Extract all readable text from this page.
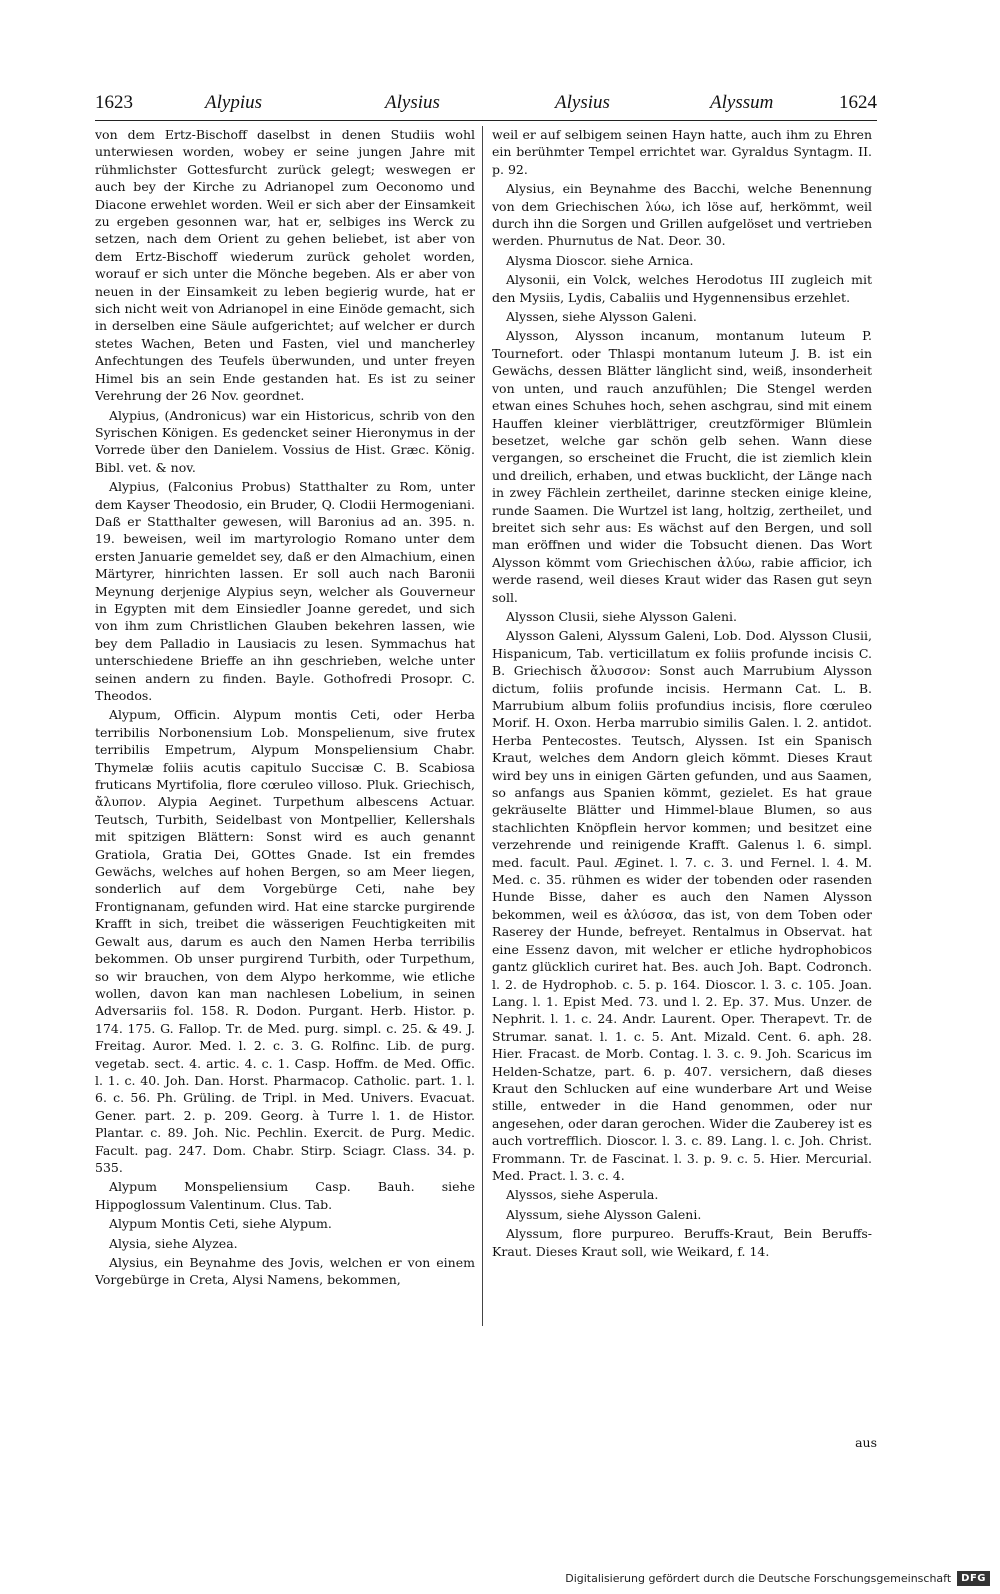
1623	Alypius	Alysius	Alysius	Alyssum	1624

von dem Ertz-Bischoff daselbst in denen Studiis wohl unterwiesen worden, wobey er seine jungen Jahre mit rühmlichster Gottesfurcht zurück gelegt; weswegen er auch bey der Kirche zu Adrianopel zum Oeconomo und Diacone erwehlet worden. Weil er sich aber der Einsamkeit zu ergeben gesonnen war, hat er, selbiges ins Werck zu setzen, nach dem Orient zu gehen beliebet, ist aber von dem Ertz-Bischoff wiederum zurück geholet worden, worauf er sich unter die Mönche begeben. Als er aber von neuen in der Einsamkeit zu leben begierig wurde, hat er sich nicht weit von Adrianopel in eine Einöde gemacht, sich in derselben eine Säule aufgerichtet; auf welcher er durch stetes Wachen, Beten und Fasten, viel und mancherley Anfechtungen des Teufels überwunden, und unter freyen Himel bis an sein Ende gestanden hat. Es ist zu seiner Verehrung der 26 Nov. geordnet.

Alypius, (Andronicus) war ein Historicus, schrib von den Syrischen Königen. Es gedencket seiner Hieronymus in der Vorrede über den Danielem. Vossius de Hist. Græc. König. Bibl. vet. & nov.

Alypius, (Falconius Probus) Statthalter zu Rom, unter dem Kayser Theodosio, ein Bruder, Q. Clodii Hermogeniani. Daß er Statthalter gewesen, will Baronius ad an. 395. n. 19. beweisen, weil im martyrologio Romano unter dem ersten Januarie gemeldet sey, daß er den Almachium, einen Märtyrer, hinrichten lassen. Er soll auch nach Baronii Meynung derjenige Alypius seyn, welcher als Gouverneur in Egypten mit dem Einsiedler Joanne geredet, und sich von ihm zum Christlichen Glauben bekehren lassen, wie bey dem Palladio in Lausiacis zu lesen. Symmachus hat unterschiedene Brieffe an ihn geschrieben, welche unter seinen andern zu finden. Bayle. Gothofredi Prosopr. C. Theodos.

Alypum, Officin. Alypum montis Ceti, oder Herba terribilis Norbonensium Lob. Monspelienum, sive frutex terribilis Empetrum, Alypum Monspeliensium Chabr. Thymelæ foliis acutis capitulo Succisæ C. B. Scabiosa fruticans Myrtifolia, flore cœruleo villoso. Pluk. Griechisch, ἄλυπον. Alypia Aeginet. Turpethum albescens Actuar. Teutsch, Turbith, Seidelbast von Montpellier, Kellershals mit spitzigen Blättern: Sonst wird es auch genannt Gratiola, Gratia Dei, GOttes Gnade. Ist ein fremdes Gewächs, welches auf hohen Bergen, so am Meer liegen, sonderlich auf dem Vorgebürge Ceti, nahe bey Frontignanam, gefunden wird. Hat eine starcke purgirende Krafft in sich, treibet die wässerigen Feuchtigkeiten mit Gewalt aus, darum es auch den Namen Herba terribilis bekommen. Ob unser purgirend Turbith, oder Turpethum, so wir brauchen, von dem Alypo herkomme, wie etliche wollen, davon kan man nachlesen Lobelium, in seinen Adversariis fol. 158. R. Dodon. Purgant. Herb. Histor. p. 174. 175. G. Fallop. Tr. de Med. purg. simpl. c. 25. & 49. J. Freitag. Auror. Med. l. 2. c. 3. G. Rolfinc. Lib. de purg. vegetab. sect. 4. artic. 4. c. 1. Casp. Hoffm. de Med. Offic. l. 1. c. 40. Joh. Dan. Horst. Pharmacop. Catholic. part. 1. l. 6. c. 56. Ph. Grüling. de Tripl. in Med. Univers. Evacuat. Gener. part. 2. p. 209. Georg. à Turre l. 1. de Histor. Plantar. c. 89. Joh. Nic. Pechlin. Exercit. de Purg. Medic. Facult. pag. 247. Dom. Chabr. Stirp. Sciagr. Class. 34. p. 535.

Alypum Monspeliensium Casp. Bauh. siehe Hippoglossum Valentinum. Clus. Tab.

Alypum Montis Ceti, siehe Alypum.

Alysia, siehe Alyzea.

Alysius, ein Beynahme des Jovis, welchen er von einem Vorgebürge in Creta, Alysi Namens, bekommen,

weil er auf selbigem seinen Hayn hatte, auch ihm zu Ehren ein berühmter Tempel errichtet war. Gyraldus Syntagm. II. p. 92.

Alysius, ein Beynahme des Bacchi, welche Benennung von dem Griechischen λύω, ich löse auf, herkömmt, weil durch ihn die Sorgen und Grillen aufgelöset und vertrieben werden. Phurnutus de Nat. Deor. 30.

Alysma Dioscor. siehe Arnica.

Alysonii, ein Volck, welches Herodotus III zugleich mit den Mysiis, Lydis, Cabaliis und Hygennensibus erzehlet.

Alyssen, siehe Alysson Galeni.

Alysson, Alysson incanum, montanum luteum P. Tournefort. oder Thlaspi montanum luteum J. B. ist ein Gewächs, dessen Blätter länglicht sind, weiß, insonderheit von unten, und rauch anzufühlen; Die Stengel werden etwan eines Schuhes hoch, sehen aschgrau, sind mit einem Hauffen kleiner vierblättriger, creutzförmiger Blümlein besetzet, welche gar schön gelb sehen. Wann diese vergangen, so erscheinet die Frucht, die ist ziemlich klein und dreilich, erhaben, und etwas bucklicht, der Länge nach in zwey Fächlein zertheilet, darinne stecken einige kleine, runde Saamen. Die Wurtzel ist lang, holtzig, zertheilet, und breitet sich sehr aus: Es wächst auf den Bergen, und soll man eröffnen und wider die Tobsucht dienen. Das Wort Alysson kömmt vom Griechischen ἀλύω, rabie afficior, ich werde rasend, weil dieses Kraut wider das Rasen gut seyn soll.

Alysson Clusii, siehe Alysson Galeni.

Alysson Galeni, Alyssum Galeni, Lob. Dod. Alysson Clusii, Hispanicum, Tab. verticillatum ex foliis profunde incisis C. B. Griechisch ἄλυσσον: Sonst auch Marrubium Alysson dictum, foliis profunde incisis. Hermann Cat. L. B. Marrubium album foliis profundius incisis, flore cœruleo Morif. H. Oxon. Herba marrubio similis Galen. l. 2. antidot. Herba Pentecostes. Teutsch, Alyssen. Ist ein Spanisch Kraut, welches dem Andorn gleich kömmt. Dieses Kraut wird bey uns in einigen Gärten gefunden, und aus Saamen, so anfangs aus Spanien kömmt, gezielet. Es hat graue gekräuselte Blätter und Himmel-blaue Blumen, so aus stachlichten Knöpflein hervor kommen; und besitzet eine verzehrende und reinigende Krafft. Galenus l. 6. simpl. med. facult. Paul. Æginet. l. 7. c. 3. und Fernel. l. 4. M. Med. c. 35. rühmen es wider der tobenden oder rasenden Hunde Bisse, daher es auch den Namen Alysson bekommen, weil es ἀλύσσα, das ist, von dem Toben oder Raserey der Hunde, befreyet. Rentalmus in Observat. hat eine Essenz davon, mit welcher er etliche hydrophobicos gantz glücklich curiret hat. Bes. auch Joh. Bapt. Codronch. l. 2. de Hydrophob. c. 5. p. 164. Dioscor. l. 3. c. 105. Joan. Lang. l. 1. Epist Med. 73. und l. 2. Ep. 37. Mus. Unzer. de Nephrit. l. 1. c. 24. Andr. Laurent. Oper. Therapevt. Tr. de Strumar. sanat. l. 1. c. 5. Ant. Mizald. Cent. 6. aph. 28. Hier. Fracast. de Morb. Contag. l. 3. c. 9. Joh. Scaricus im Helden-Schatze, part. 6. p. 407. versichern, daß dieses Kraut den Schlucken auf eine wunderbare Art und Weise stille, entweder in die Hand genommen, oder nur angesehen, oder daran gerochen. Wider die Zauberey ist es auch vortrefflich. Dioscor. l. 3. c. 89. Lang. l. c. Joh. Christ. Frommann. Tr. de Fascinat. l. 3. p. 9. c. 5. Hier. Mercurial. Med. Pract. l. 3. c. 4.

Alyssos, siehe Asperula.

Alyssum, siehe Alysson Galeni.

Alyssum, flore purpureo. Beruffs-Kraut, Bein Beruffs-Kraut. Dieses Kraut soll, wie Weikard, f. 14.

aus
Digitalisierung gefördert durch die Deutsche Forschungsgemeinschaft	DFG
